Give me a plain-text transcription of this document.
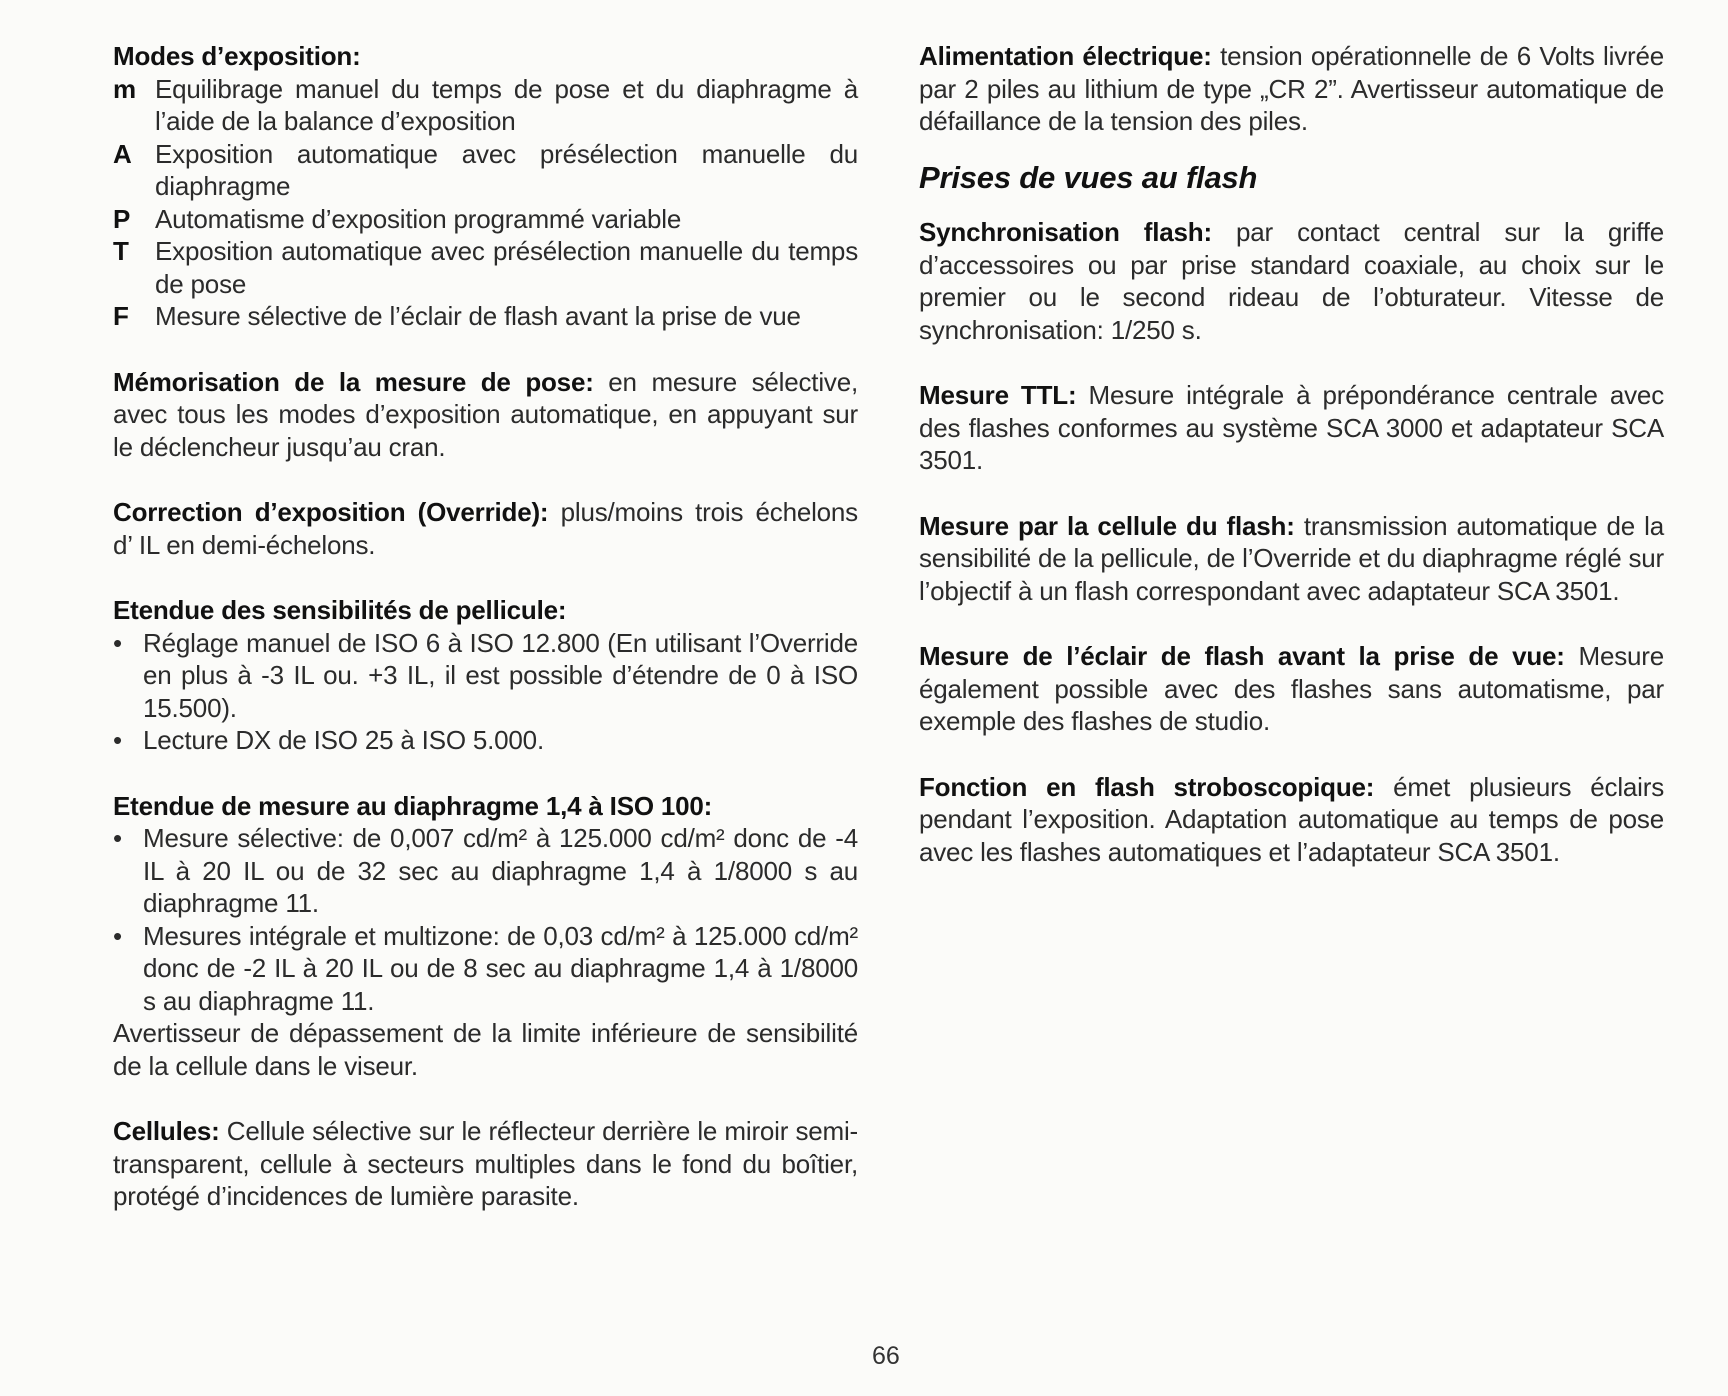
Modes d’exposition:
m Equilibrage manuel du temps de pose et du diaphragme à l’aide de la balance d’exposition
A Exposition automatique avec présélection manuelle du diaphragme
P Automatisme d’exposition programmé variable
T	Exposition automatique avec présélection manuelle du temps de pose
F	Mesure sélective de l’éclair de flash avant la prise de vue
Mémorisation de la mesure de pose: en mesure sélective, avec tous les modes d’exposition automatique, en appuyant sur le déclencheur jusqu’au cran.
Correction d’exposition (Override): plus/moins trois échelons d’ IL en demi-échelons.
Etendue des sensibilités de pellicule:
• Réglage manuel de ISO 6 à ISO 12.800 (En utilisant l’Override en plus à -3 IL ou. +3 IL, il est possible d’étendre de 0 à ISO 15.500).
• Lecture DX de ISO 25 à ISO 5.000.
Etendue de mesure au diaphragme 1,4 à ISO 100:
• Mesure sélective: de 0,007 cd/m² à 125.000 cd/m² donc de -4 IL à 20 IL ou de 32 sec au diaphragme 1,4 à 1/8000 s au diaphragme 11.
• Mesures intégrale et multizone: de 0,03 cd/m² à 125.000 cd/m² donc de -2 IL à 20 IL ou de 8 sec au diaphragme 1,4 à 1/8000 s au diaphragme 11.
Avertisseur de dépassement de la limite inférieure de sensibilité de la cellule dans le viseur.
Cellules: Cellule sélective sur le réflecteur derrière le miroir semi-transparent, cellule à secteurs multiples dans le fond du boîtier, protégé d’incidences de lumière parasite.
Alimentation électrique: tension opérationnelle de 6 Volts livrée par 2 piles au lithium de type „CR 2”. Avertisseur automatique de défaillance de la tension des piles.
Prises de vues au flash
Synchronisation flash: par contact central sur la griffe d’accessoires ou par prise standard coaxiale, au choix sur le premier ou le second rideau de l’obturateur. Vitesse de synchronisation: 1/250 s.
Mesure TTL: Mesure intégrale à prépondérance centrale avec des flashes conformes au système SCA 3000 et adaptateur SCA 3501.
Mesure par la cellule du flash: transmission automatique de la sensibilité de la pellicule, de l’Override et du diaphragme réglé sur l’objectif à un flash correspondant avec adaptateur SCA 3501.
Mesure de l’éclair de flash avant la prise de vue: Mesure également possible avec des flashes sans automatisme, par exemple des flashes de studio.
Fonction en flash stroboscopique: émet plusieurs éclairs pendant l’exposition. Adaptation automatique au temps de pose avec les flashes automatiques et l’adaptateur SCA 3501.
66
